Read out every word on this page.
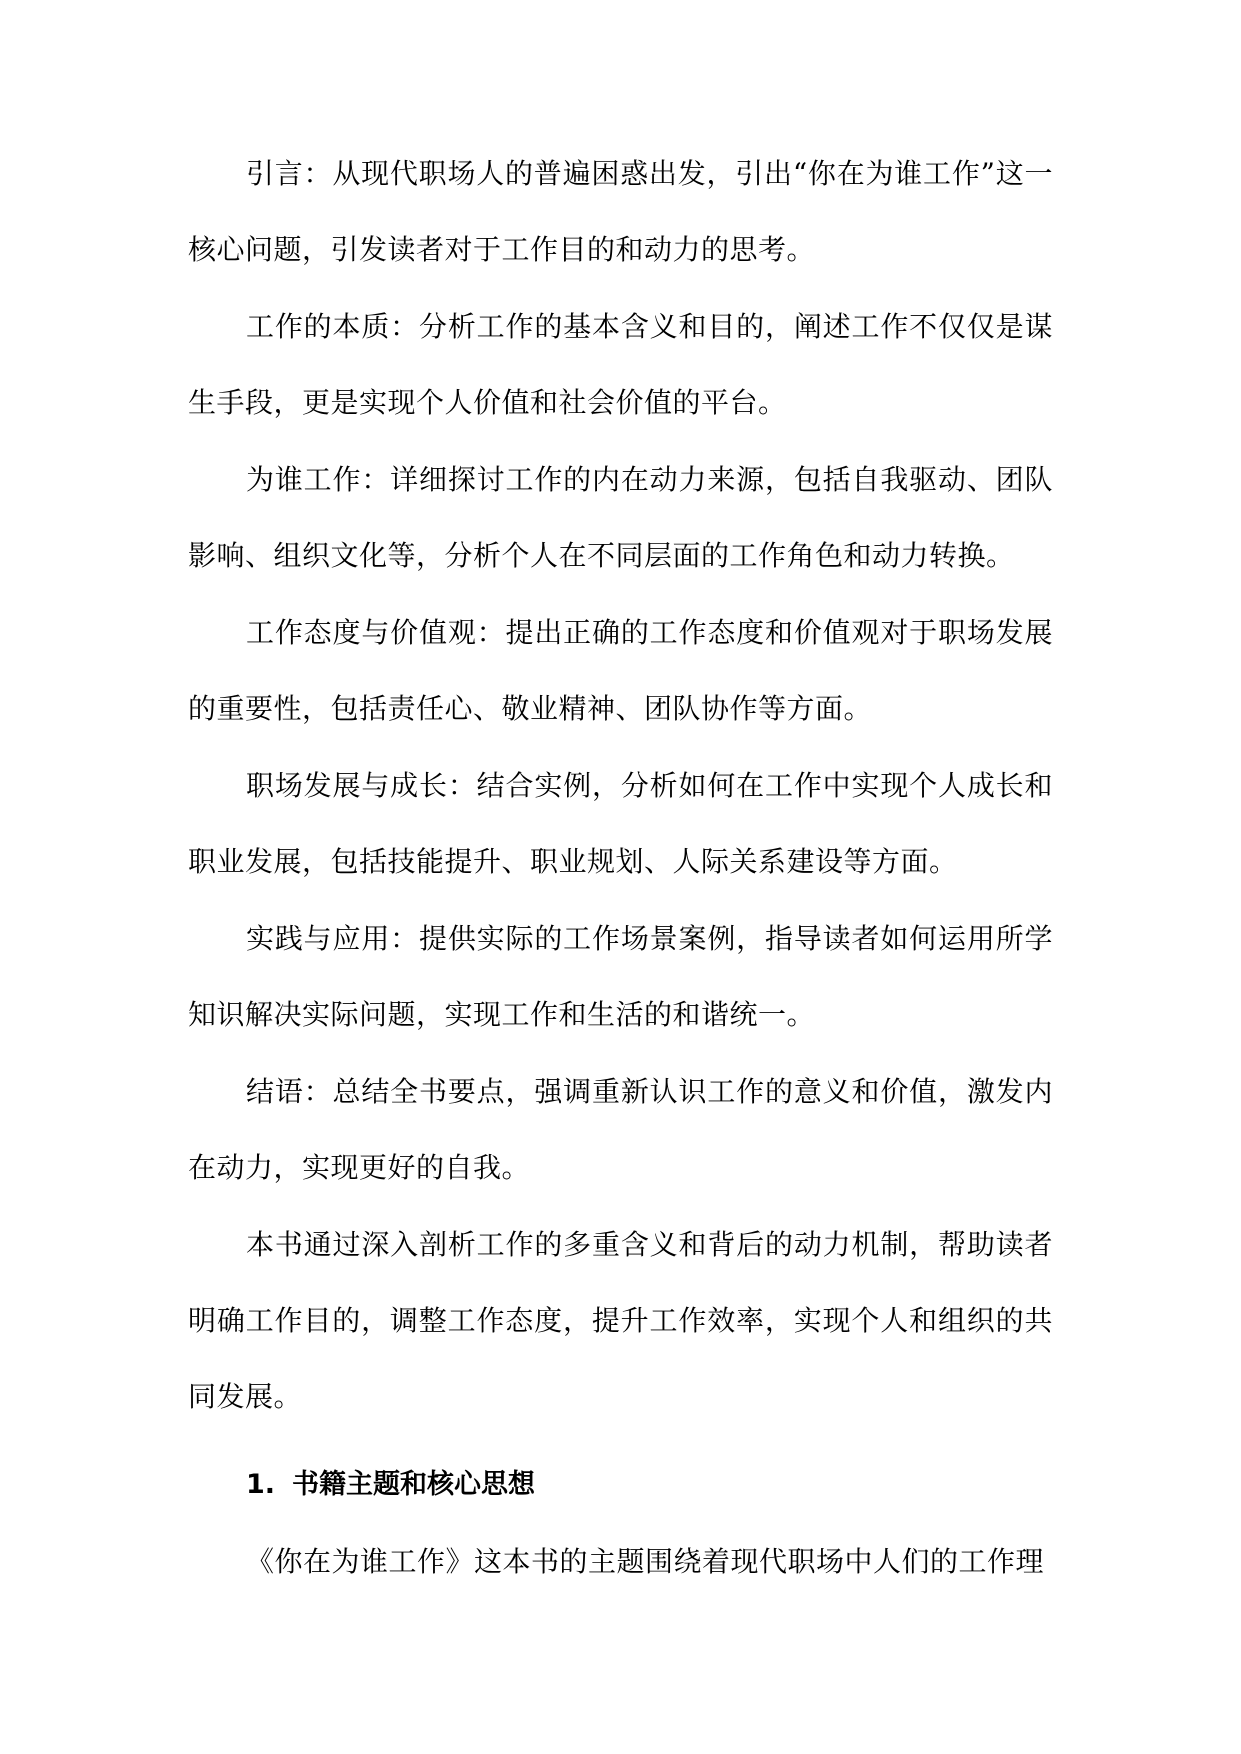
引言：从现代职场人的普遍困惑出发，引出“你在为谁工作”这一核心问题，引发读者对于工作目的和动力的思考。

工作的本质：分析工作的基本含义和目的，阐述工作不仅仅是谋生手段，更是实现个人价值和社会价值的平台。

为谁工作：详细探讨工作的内在动力来源，包括自我驱动、团队影响、组织文化等，分析个人在不同层面的工作角色和动力转换。

工作态度与价值观：提出正确的工作态度和价值观对于职场发展的重要性，包括责任心、敬业精神、团队协作等方面。

职场发展与成长：结合实例，分析如何在工作中实现个人成长和职业发展，包括技能提升、职业规划、人际关系建设等方面。

实践与应用：提供实际的工作场景案例，指导读者如何运用所学知识解决实际问题，实现工作和生活的和谐统一。

结语：总结全书要点，强调重新认识工作的意义和价值，激发内在动力，实现更好的自我。

本书通过深入剖析工作的多重含义和背后的动力机制，帮助读者明确工作目的，调整工作态度，提升工作效率，实现个人和组织的共同发展。

1. 书籍主题和核心思想

《你在为谁工作》这本书的主题围绕着现代职场中人们的工作理
